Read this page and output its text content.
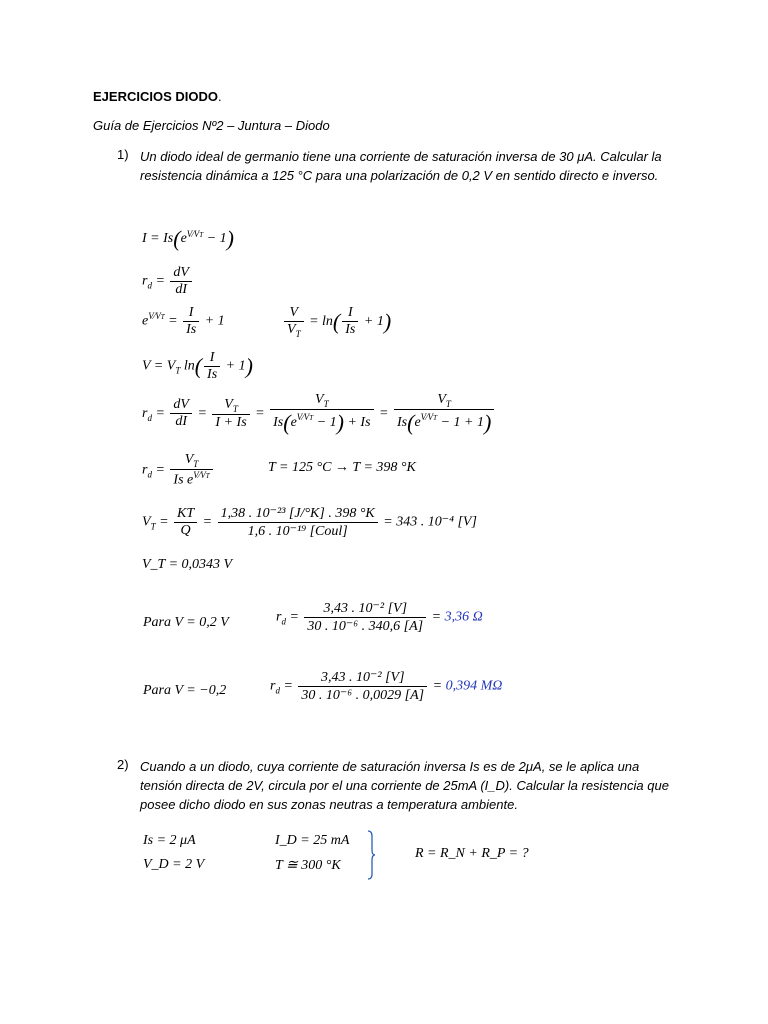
EJERCICIOS DIODO.
Guía de Ejercicios Nº2 – Juntura – Diodo
1) Un diodo ideal de germanio tiene una corriente de saturación inversa de 30 μA. Calcular la resistencia dinámica a 125 °C para una polarización de 0,2 V en sentido directo e inverso.
$I = Is(e^{V⁄VT} - 1)$
$r_d = \frac{dV}{dI}$
$e^{V⁄VT} = \frac{I}{Is} + 1$	$\frac{V}{V_T} = \ln( \frac{I}{Is} + 1)$
$V = V_T$ $\ln( \frac{I}{Is} + 1)$
$r_d = \frac{dV}{dI} = \frac{V_T}{I + Is} = \frac{V_T}{Is(e^{V⁄VT} - 1) + Is} = \frac{V_T}{Is(e^{V⁄VT} - 1 + 1)}$
$r_d = \frac{V_T}{Is e^{V⁄VT}}$	T = 125 °C → T = 398 °K
$V_T = \frac{KT}{Q} = \frac{\text{1,38 . 10⁻²³ [J/°K] . 398 °K}}{\text{1,6 . 10⁻¹⁹ [Coul]}} = 343$ . 10⁻⁴ [V]
V_T = 0,0343 V
Para V = 0,2 V	$r_d = \frac{\text{3,43 . 10⁻² [V]}}{\text{30 . 10⁻⁶ . 340,6 [A]}} = 3,36$ Ω
Para V = −0,2	$r_d = \frac{\text{3,43 . 10⁻² [V]}}{\text{30 . 10⁻⁶ . 0,0029 [A]}} = 0,394$ MΩ
2) Cuando a un diodo, cuya corriente de saturación inversa Is es de 2μA, se le aplica una tensión directa de 2V, circula por el una corriente de 25mA (I_D). Calcular la resistencia que posee dicho diodo en sus zonas neutras a temperatura ambiente.
Is = 2 μA
V_D = 2 V
I_D = 25 mA
T ≅ 300 °K
R = R_N + R_P = ?
